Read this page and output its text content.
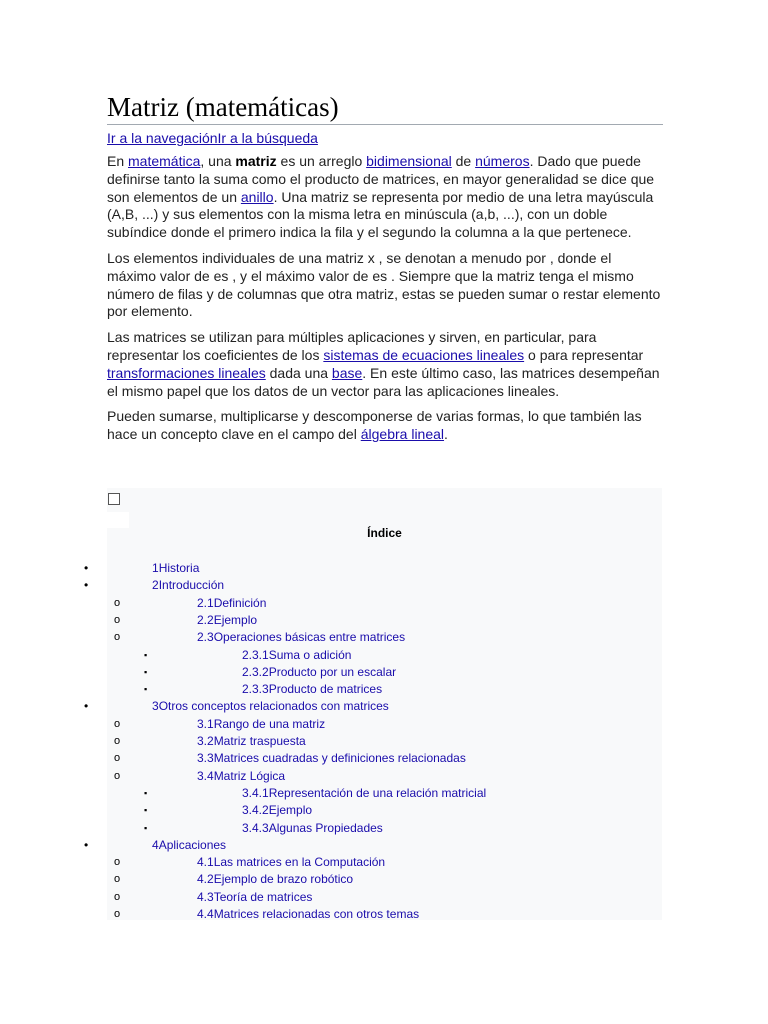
Matriz (matemáticas)
Ir a la navegaciónIr a la búsqueda

En matemática, una matriz es un arreglo bidimensional de números. Dado que puede definirse tanto la suma como el producto de matrices, en mayor generalidad se dice que son elementos de un anillo. Una matriz se representa por medio de una letra mayúscula (A,B, ...) y sus elementos con la misma letra en minúscula (a,b, ...), con un doble subíndice donde el primero indica la fila y el segundo la columna a la que pertenece.

Los elementos individuales de una matriz x , se denotan a menudo por , donde el máximo valor de es , y el máximo valor de es . Siempre que la matriz tenga el mismo número de filas y de columnas que otra matriz, estas se pueden sumar o restar elemento por elemento.

Las matrices se utilizan para múltiples aplicaciones y sirven, en particular, para representar los coeficientes de los sistemas de ecuaciones lineales o para representar transformaciones lineales dada una base. En este último caso, las matrices desempeñan el mismo papel que los datos de un vector para las aplicaciones lineales.

Pueden sumarse, multiplicarse y descomponerse de varias formas, lo que también las hace un concepto clave en el campo del álgebra lineal.

Índice
•	1Historia
•	2Introducción
o	2.1Definición
o	2.2Ejemplo
o	2.3Operaciones básicas entre matrices
▪	2.3.1Suma o adición
▪	2.3.2Producto por un escalar
▪	2.3.3Producto de matrices
•	3Otros conceptos relacionados con matrices
o	3.1Rango de una matriz
o	3.2Matriz traspuesta
o	3.3Matrices cuadradas y definiciones relacionadas
o	3.4Matriz Lógica
▪	3.4.1Representación de una relación matricial
▪	3.4.2Ejemplo
▪	3.4.3Algunas Propiedades
•	4Aplicaciones
o	4.1Las matrices en la Computación
o	4.2Ejemplo de brazo robótico
o	4.3Teoría de matrices
o	4.4Matrices relacionadas con otros temas
